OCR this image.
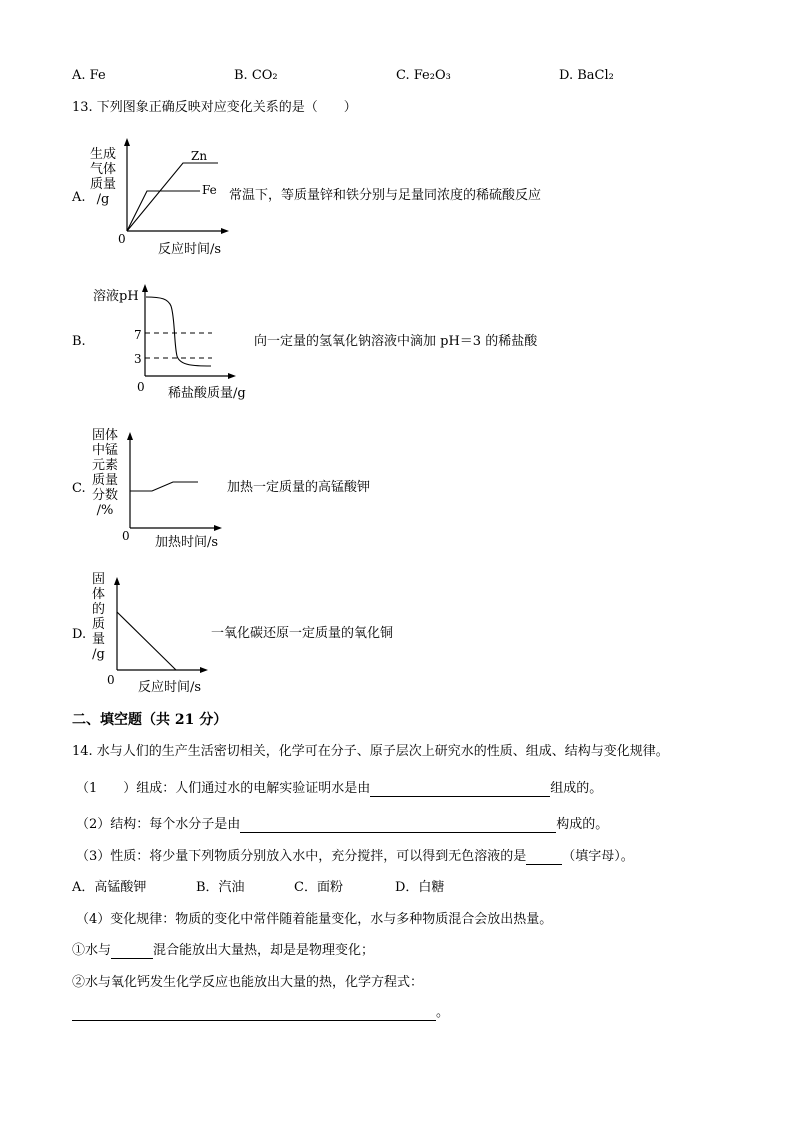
A. Fe	B. CO₂	C. Fe₂O₃	D. BaCl₂
13. 下列图象正确反映对应变化关系的是（　　）
A.
生成
气体
质量
/g
0
反应时间/s
常温下，等质量锌和铁分别与足量同浓度的稀硫酸反应
Zn
Fe
B.
溶液pH
7
3
0 稀盐酸质量/g
向一定量的氢氧化钠溶液中滴加 pH＝3 的稀盐酸
C.
固体
中锰
元素
质量
分数
/%
0 加热时间/s
加热一定质量的高锰酸钾
D.
固
体
的
质
量
/g
0 反应时间/s
一氧化碳还原一定质量的氧化铜
二、填空题（共 21 分）
14. 水与人们的生产生活密切相关，化学可在分子、原子层次上研究水的性质、组成、结构与变化规律。
（1　　）组成：人们通过水的电解实验证明水是由	组成的。
（2）结构：每个水分子是由	构成的。
（3）性质：将少量下列物质分别放入水中，充分搅拌，可以得到无色溶液的是	（填字母）。
A．高锰酸钾	B．汽油	C．面粉	D．白糖
（4）变化规律：物质的变化中常伴随着能量变化，水与多种物质混合会放出热量。
①水与	混合能放出大量热，却是是物理变化；
②水与氧化钙发生化学反应也能放出大量的热，化学方程式：
。
